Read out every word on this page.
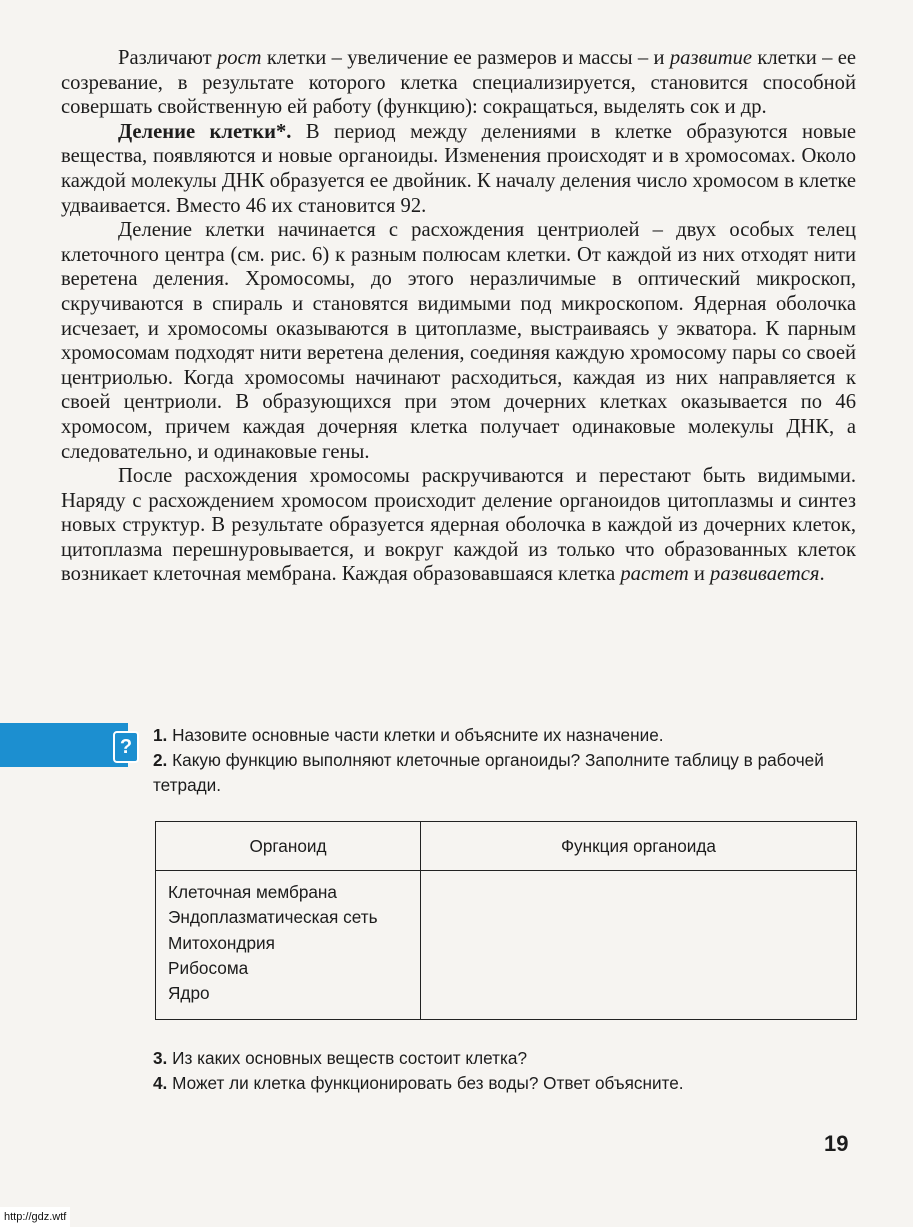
Различают рост клетки – увеличение ее размеров и массы – и развитие клетки – ее созревание, в результате которого клетка специализируется, становится способной совершать свойственную ей работу (функцию): сокращаться, выделять сок и др.

Деление клетки*. В период между делениями в клетке образуются новые вещества, появляются и новые органоиды. Изменения происходят и в хромосомах. Около каждой молекулы ДНК образуется ее двойник. К началу деления число хромосом в клетке удваивается. Вместо 46 их становится 92.

Деление клетки начинается с расхождения центриолей – двух особых телец клеточного центра (см. рис. 6) к разным полюсам клетки. От каждой из них отходят нити веретена деления. Хромосомы, до этого неразличимые в оптический микроскоп, скручиваются в спираль и становятся видимыми под микроскопом. Ядерная оболочка исчезает, и хромосомы оказываются в цитоплазме, выстраиваясь у экватора. К парным хромосомам подходят нити веретена деления, соединяя каждую хромосому пары со своей центриолью. Когда хромосомы начинают расходиться, каждая из них направляется к своей центриоли. В образующихся при этом дочерних клетках оказывается по 46 хромосом, причем каждая дочерняя клетка получает одинаковые молекулы ДНК, а следовательно, и одинаковые гены.

После расхождения хромосомы раскручиваются и перестают быть видимыми. Наряду с расхождением хромосом происходит деление органоидов цитоплазмы и синтез новых структур. В результате образуется ядерная оболочка в каждой из дочерних клеток, цитоплазма перешнуровывается, и вокруг каждой из только что образованных клеток возникает клеточная мембрана. Каждая образовавшаяся клетка растет и развивается.

?

1. Назовите основные части клетки и объясните их назначение.

2. Какую функцию выполняют клеточные органоиды? Заполните таблицу в рабочей тетради.

Органоид	Функция органоида

Клеточная мембрана
Эндоплазматическая сеть
Митохондрия
Рибосома
Ядро	

3. Из каких основных веществ состоит клетка?

4. Может ли клетка функционировать без воды? Ответ объясните.

19
http://gdz.wtf
